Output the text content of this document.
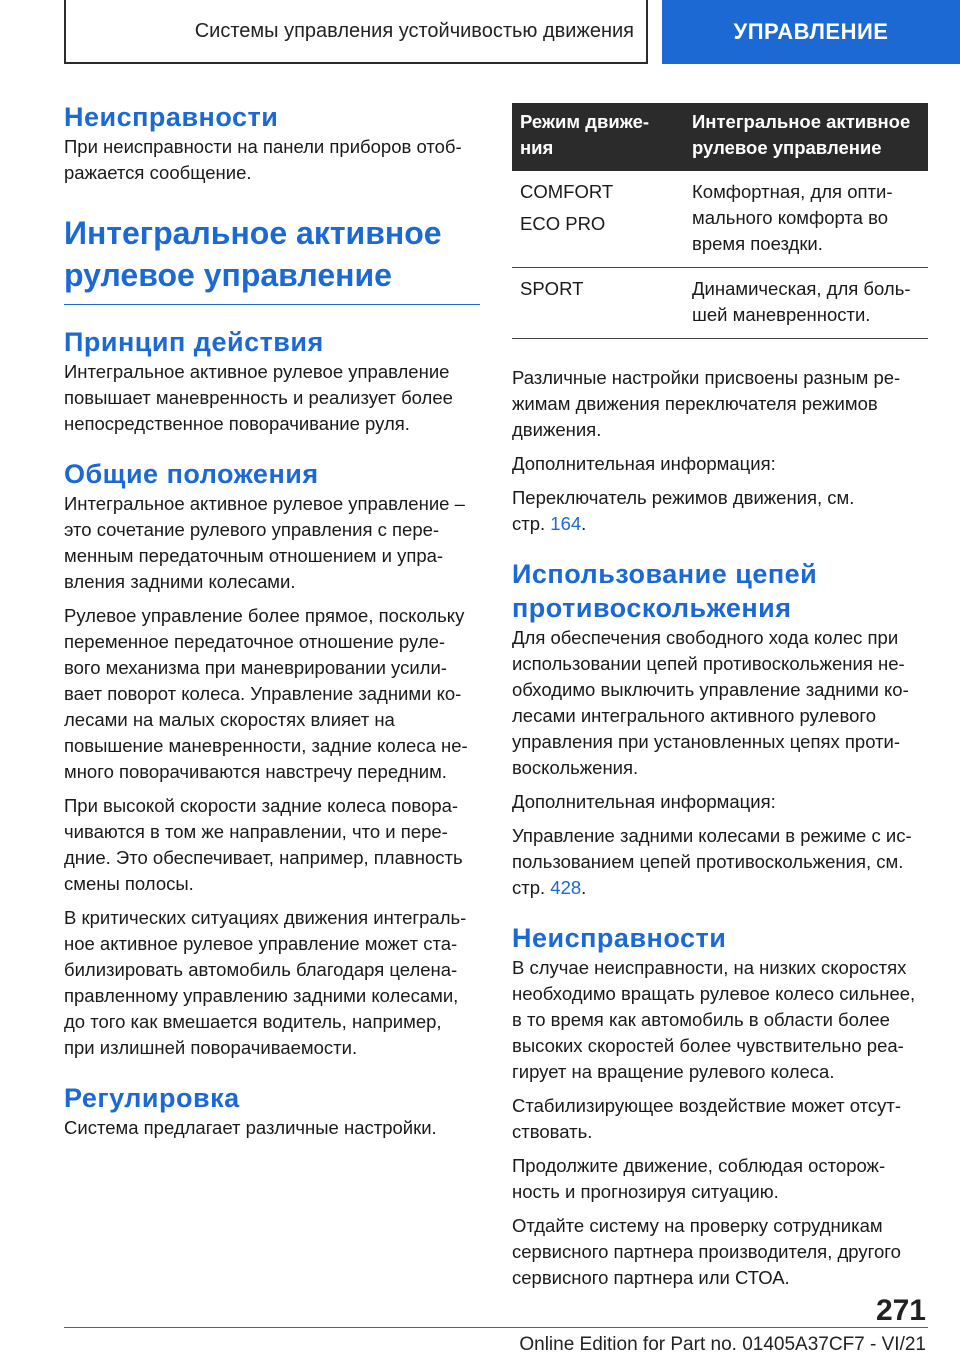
Системы управления устойчивостью движения	УПРАВЛЕНИЕ
Неисправности

При неисправности на панели приборов отоб-
ражается сообщение.

Интегральное активное
рулевое управление
Принцип действия

Интегральное активное рулевое управление
повышает маневренность и реализует более
непосредственное поворачивание руля.

Общие положения

Интегральное активное рулевое управление –
это сочетание рулевого управления с пере-
менным передаточным отношением и упра-
вления задними колесами.

Рулевое управление более прямое, поскольку
переменное передаточное отношение руле-
вого механизма при маневрировании усили-
вает поворот колеса. Управление задними ко-
лесами на малых скоростях влияет на
повышение маневренности, задние колеса не-
много поворачиваются навстречу передним.

При высокой скорости задние колеса повора-
чиваются в том же направлении, что и пере-
дние. Это обеспечивает, например, плавность
смены полосы.

В критических ситуациях движения интеграль-
ное активное рулевое управление может ста-
билизировать автомобиль благодаря целена-
правленному управлению задними колесами,
до того как вмешается водитель, например,
при излишней поворачиваемости.

Регулировка

Система предлагает различные настройки.

Режим движе-
ния	Интегральное активное
рулевое управление

COMFORT
ECO PRO	Комфортная, для опти-
мального комфорта во
время поездки.

SPORT	Динамическая, для боль-
шей маневренности.

Различные настройки присвоены разным ре-
жимам движения переключателя режимов
движения.

Дополнительная информация:

Переключатель режимов движения, см.
стр. 164.

Использование цепей
противоскольжения

Для обеспечения свободного хода колес при
использовании цепей противоскольжения не-
обходимо выключить управление задними ко-
лесами интегрального активного рулевого
управления при установленных цепях проти-
воскольжения.

Дополнительная информация:

Управление задними колесами в режиме с ис-
пользованием цепей противоскольжения, см.
стр. 428.

Неисправности

В случае неисправности, на низких скоростях
необходимо вращать рулевое колесо сильнее,
в то время как автомобиль в области более
высоких скоростей более чувствительно реа-
гирует на вращение рулевого колеса.

Стабилизирующее воздействие может отсут-
ствовать.

Продолжите движение, соблюдая осторож-
ность и прогнозируя ситуацию.

Отдайте систему на проверку сотрудникам
сервисного партнера производителя, другого
сервисного партнера или СТОА.

271
Online Edition for Part no. 01405A37CF7 - VI/21
